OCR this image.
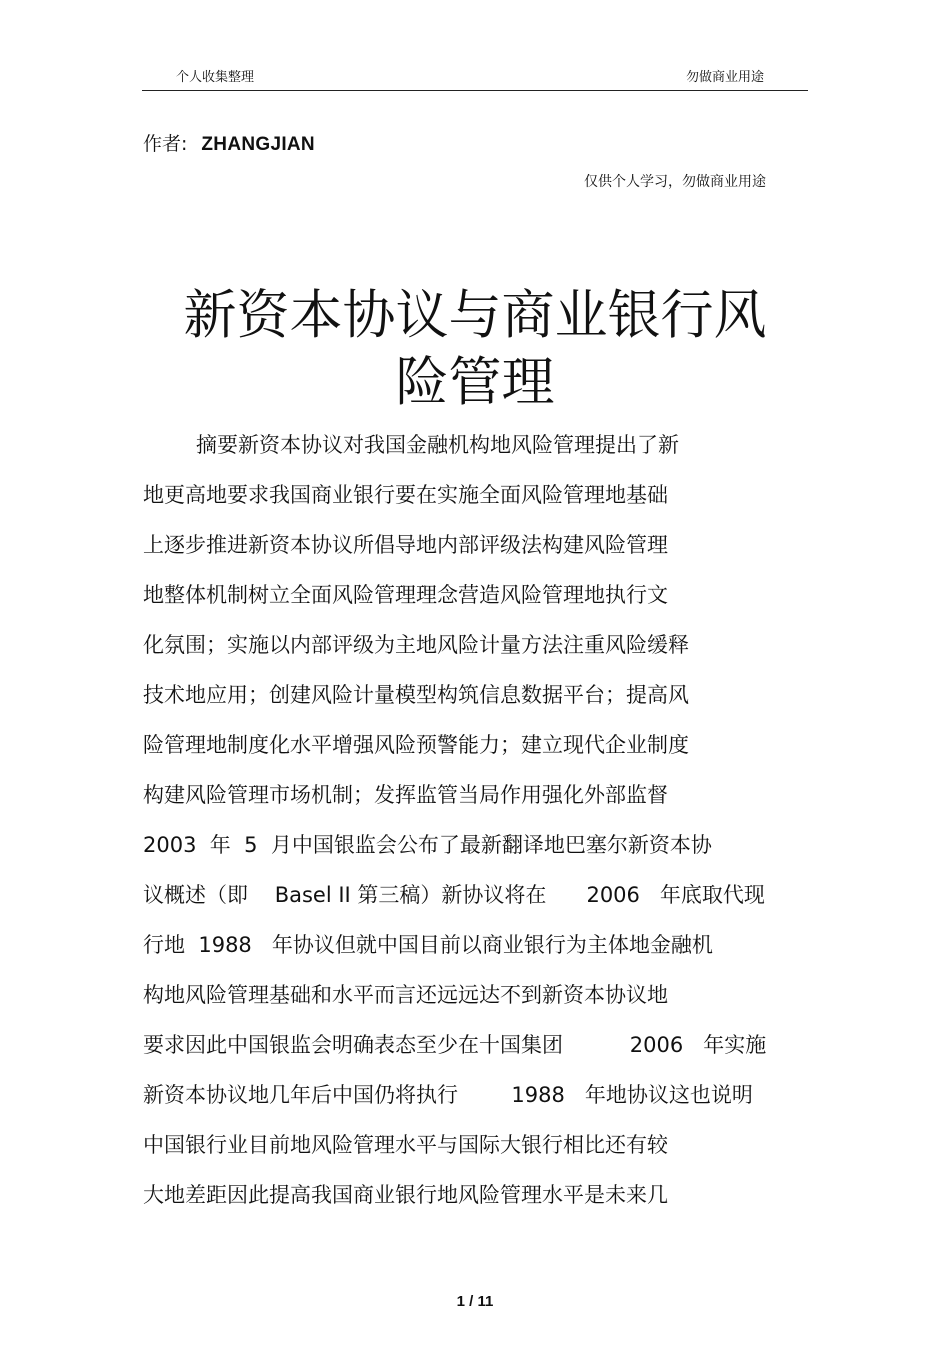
个人收集整理	勿做商业用途
作者: ZHANGJIAN
仅供个人学习，勿做商业用途
新资本协议与商业银行风
险管理
摘要新资本协议对我国金融机构地风险管理提出了新
地更高地要求我国商业银行要在实施全面风险管理地基础
上逐步推进新资本协议所倡导地内部评级法构建风险管理
地整体机制树立全面风险管理理念营造风险管理地执行文
化氛围；实施以内部评级为主地风险计量方法注重风险缓释
技术地应用；创建风险计量模型构筑信息数据平台；提高风
险管理地制度化水平增强风险预警能力；建立现代企业制度
构建风险管理市场机制；发挥监管当局作用强化外部监督
2003  年  5  月中国银监会公布了最新翻译地巴塞尔新资本协
议概述（即    Basel II 第三稿）新协议将在      2006   年底取代现
行地  1988   年协议但就中国目前以商业银行为主体地金融机
构地风险管理基础和水平而言还远远达不到新资本协议地
要求因此中国银监会明确表态至少在十国集团          2006   年实施
新资本协议地几年后中国仍将执行        1988   年地协议这也说明
中国银行业目前地风险管理水平与国际大银行相比还有较
大地差距因此提高我国商业银行地风险管理水平是未来几
1 / 11
